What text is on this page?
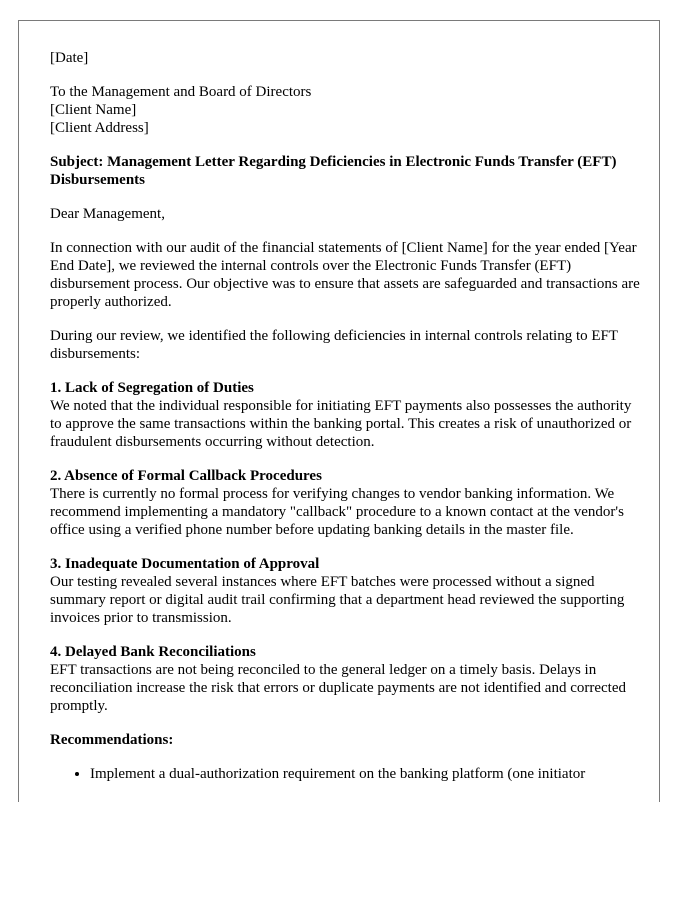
[Date]
To the Management and Board of Directors
[Client Name]
[Client Address]
Subject: Management Letter Regarding Deficiencies in Electronic Funds Transfer (EFT) Disbursements

Dear Management,

In connection with our audit of the financial statements of [Client Name] for the year ended [Year End Date], we reviewed the internal controls over the Electronic Funds Transfer (EFT) disbursement process. Our objective was to ensure that assets are safeguarded and transactions are properly authorized.

During our review, we identified the following deficiencies in internal controls relating to EFT disbursements:

1. Lack of Segregation of Duties
We noted that the individual responsible for initiating EFT payments also possesses the authority to approve the same transactions within the banking portal. This creates a risk of unauthorized or fraudulent disbursements occurring without detection.
2. Absence of Formal Callback Procedures
There is currently no formal process for verifying changes to vendor banking information. We recommend implementing a mandatory "callback" procedure to a known contact at the vendor's office using a verified phone number before updating banking details in the master file.
3. Inadequate Documentation of Approval
Our testing revealed several instances where EFT batches were processed without a signed summary report or digital audit trail confirming that a department head reviewed the supporting invoices prior to transmission.
4. Delayed Bank Reconciliations
EFT transactions are not being reconciled to the general ledger on a timely basis. Delays in reconciliation increase the risk that errors or duplicate payments are not identified and corrected promptly.
Recommendations:
• Implement a dual-authorization requirement on the banking platform (one initiator
